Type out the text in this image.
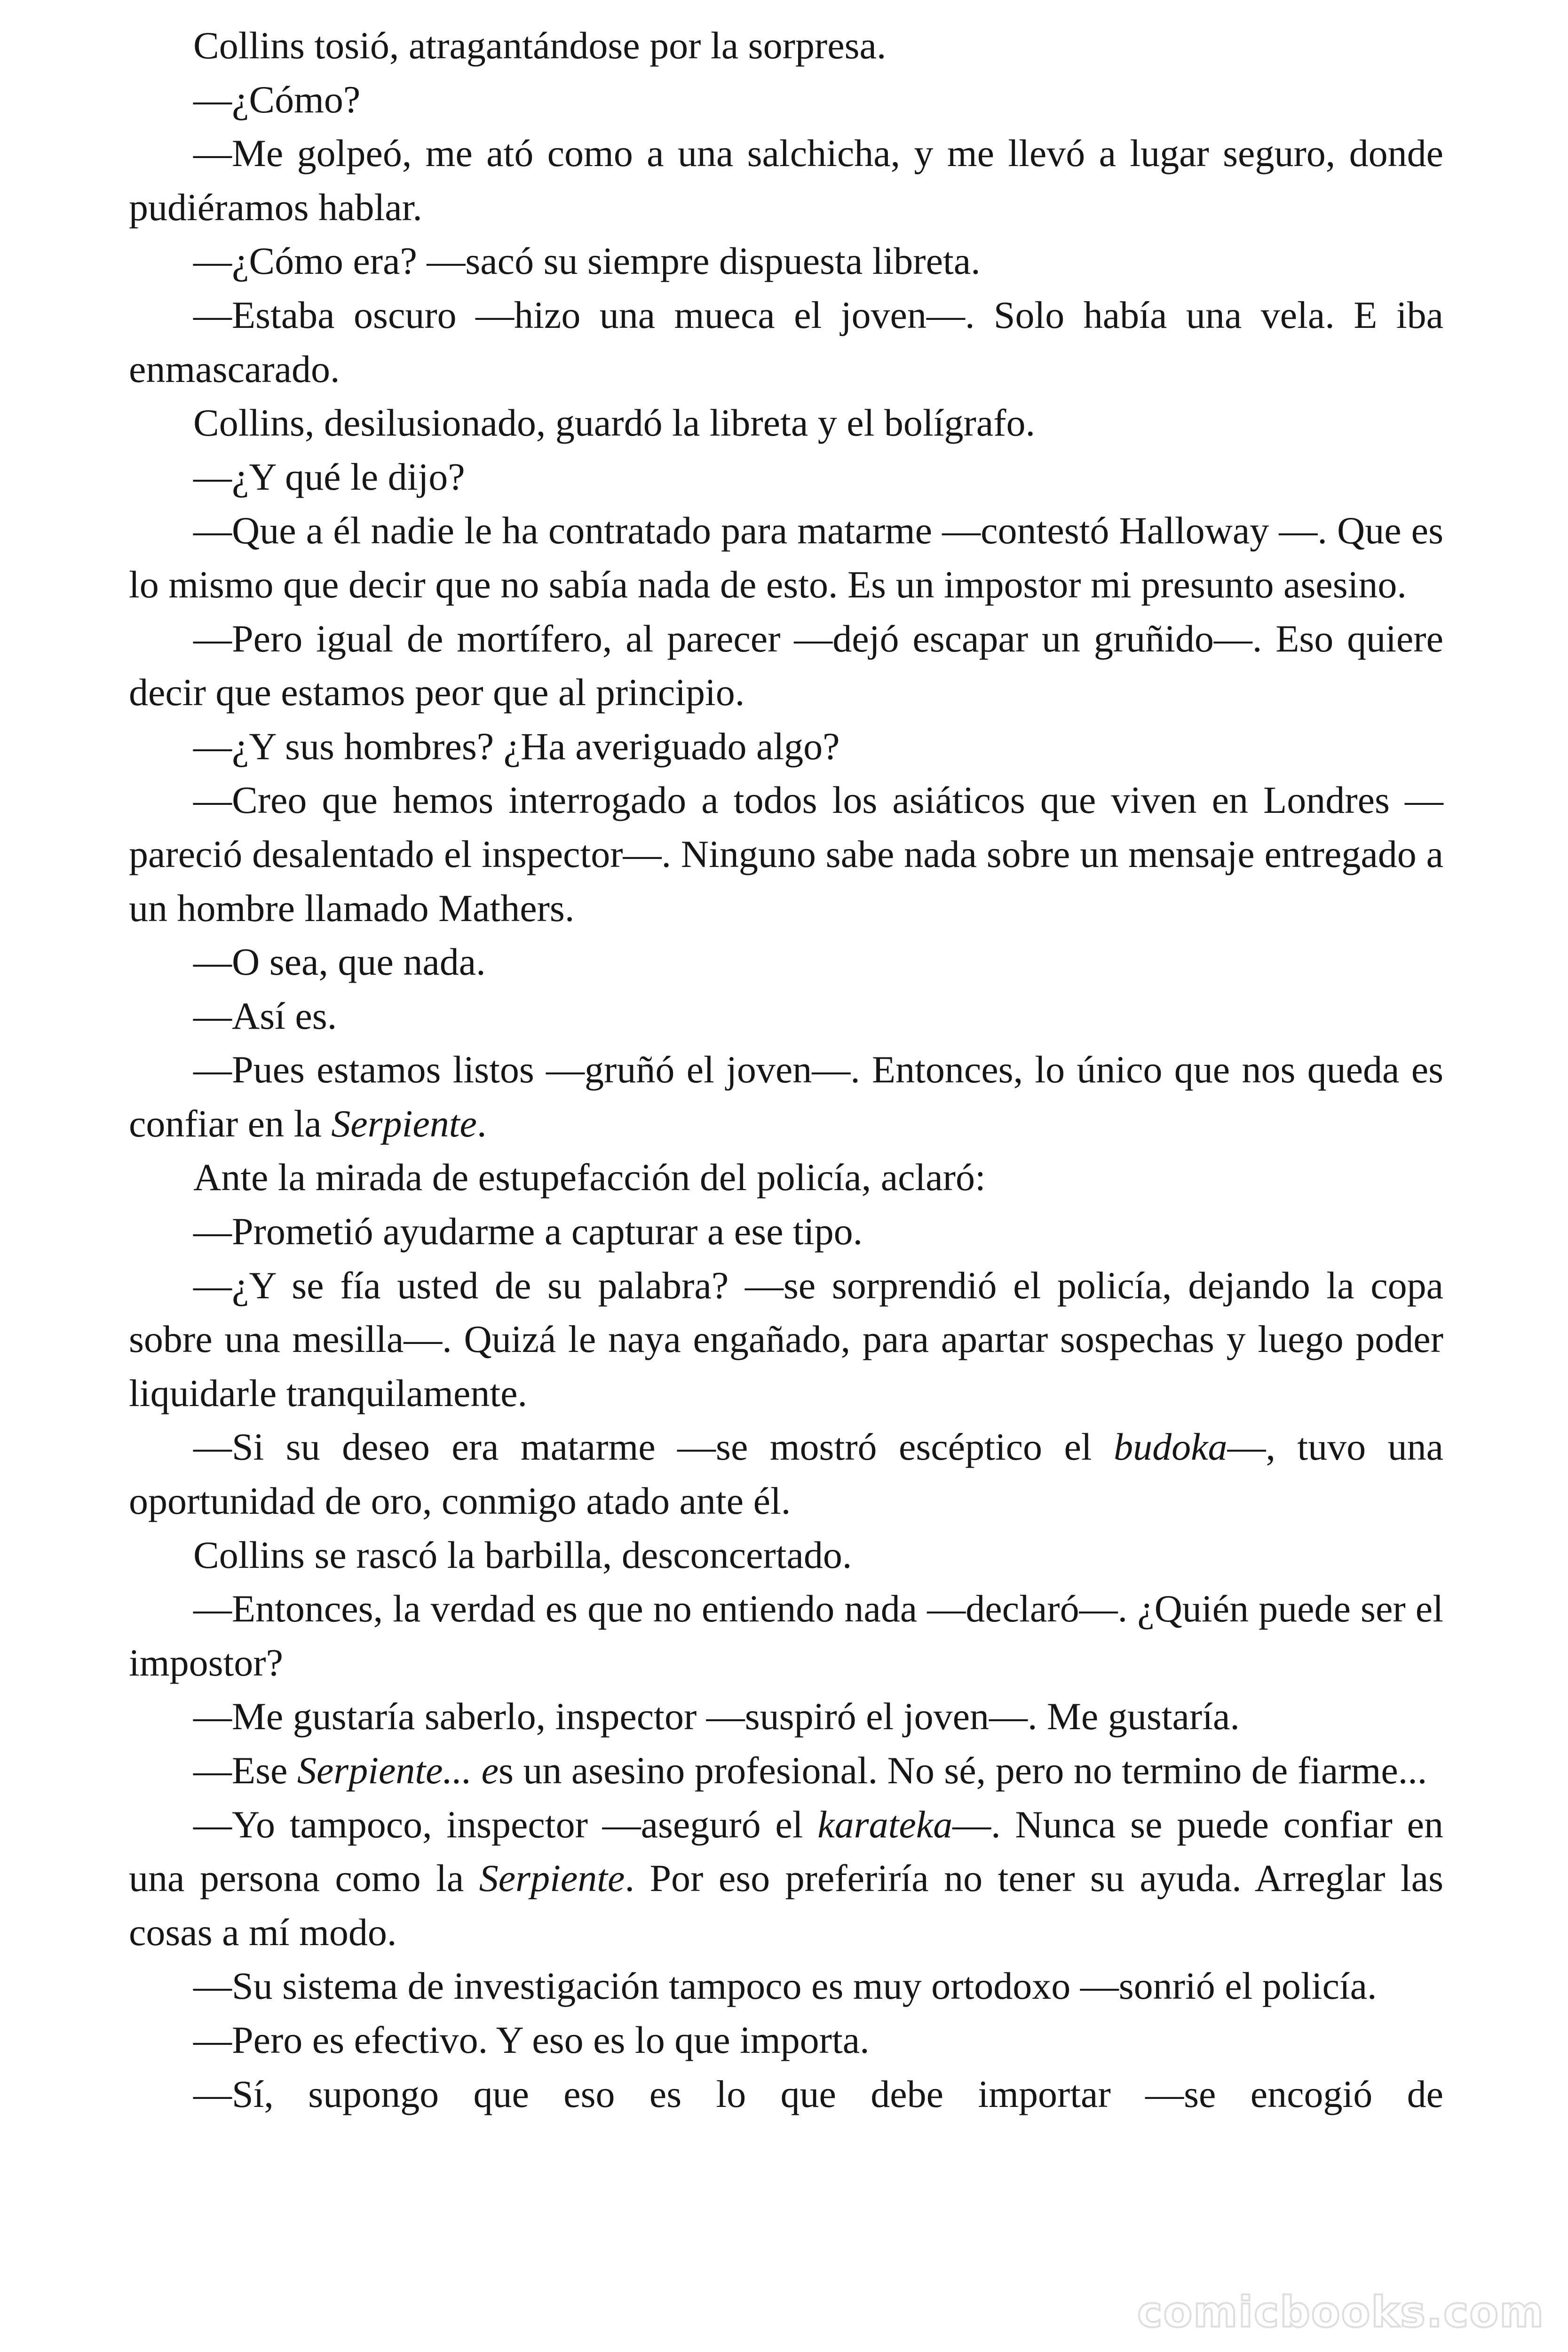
Collins tosió, atragantándose por la sorpresa.

—¿Cómo?

—Me golpeó, me ató como a una salchicha, y me llevó a lugar seguro, donde pudiéramos hablar.

—¿Cómo era? —sacó su siempre dispuesta libreta.

—Estaba oscuro —hizo una mueca el joven—. Solo había una vela. E iba enmascarado.

Collins, desilusionado, guardó la libreta y el bolígrafo.

—¿Y qué le dijo?

—Que a él nadie le ha contratado para matarme —contestó Halloway —. Que es lo mismo que decir que no sabía nada de esto. Es un impostor mi presunto asesino.

—Pero igual de mortífero, al parecer —dejó escapar un gruñido—. Eso quiere decir que estamos peor que al principio.

—¿Y sus hombres? ¿Ha averiguado algo?

—Creo que hemos interrogado a todos los asiáticos que viven en Londres —pareció desalentado el inspector—. Ninguno sabe nada sobre un mensaje entregado a un hombre llamado Mathers.

—O sea, que nada.

—Así es.

—Pues estamos listos —gruñó el joven—. Entonces, lo único que nos queda es confiar en la Serpiente.

Ante la mirada de estupefacción del policía, aclaró:

—Prometió ayudarme a capturar a ese tipo.

—¿Y se fía usted de su palabra? —se sorprendió el policía, dejando la copa sobre una mesilla—. Quizá le naya engañado, para apartar sospechas y luego poder liquidarle tranquilamente.

—Si su deseo era matarme —se mostró escéptico el budoka—, tuvo una oportunidad de oro, conmigo atado ante él.

Collins se rascó la barbilla, desconcertado.

—Entonces, la verdad es que no entiendo nada —declaró—. ¿Quién puede ser el impostor?

—Me gustaría saberlo, inspector —suspiró el joven—. Me gustaría.

—Ese Serpiente... es un asesino profesional. No sé, pero no termino de fiarme...

—Yo tampoco, inspector —aseguró el karateka—. Nunca se puede confiar en una persona como la Serpiente. Por eso preferiría no tener su ayuda. Arreglar las cosas a mí modo.

—Su sistema de investigación tampoco es muy ortodoxo —sonrió el policía.

—Pero es efectivo. Y eso es lo que importa.

—Sí, supongo que eso es lo que debe importar —se encogió de

comicbooks.com
